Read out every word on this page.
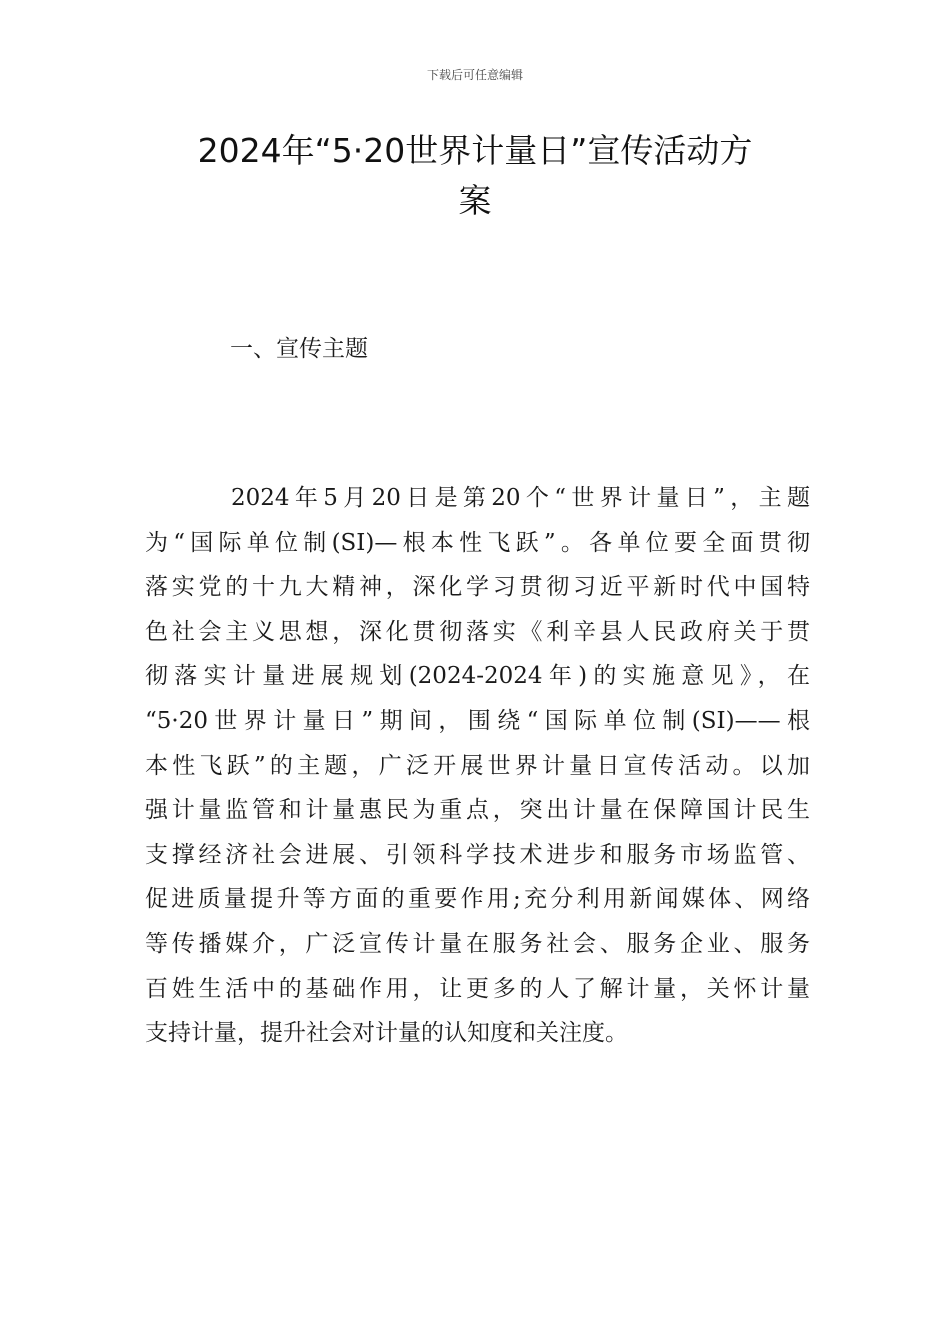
下载后可任意编辑
2024年“5·20世界计量日”宣传活动方
案
一、宣传主题
2024年5月20日是第20个“世界计量日”，主题
为“国际单位制(SI)—根本性飞跃”。各单位要全面贯彻
落实党的十九大精神，深化学习贯彻习近平新时代中国特
色社会主义思想，深化贯彻落实《利辛县人民政府关于贯
彻落实计量进展规划(2024-2024年)的实施意见》，在
“5·20世界计量日”期间，围绕“国际单位制(SI)——根
本性飞跃”的主题，广泛开展世界计量日宣传活动。以加
强计量监管和计量惠民为重点，突出计量在保障国计民生
支撑经济社会进展、引领科学技术进步和服务市场监管、
促进质量提升等方面的重要作用;充分利用新闻媒体、网络
等传播媒介，广泛宣传计量在服务社会、服务企业、服务
百姓生活中的基础作用，让更多的人了解计量，关怀计量
支持计量，提升社会对计量的认知度和关注度。
